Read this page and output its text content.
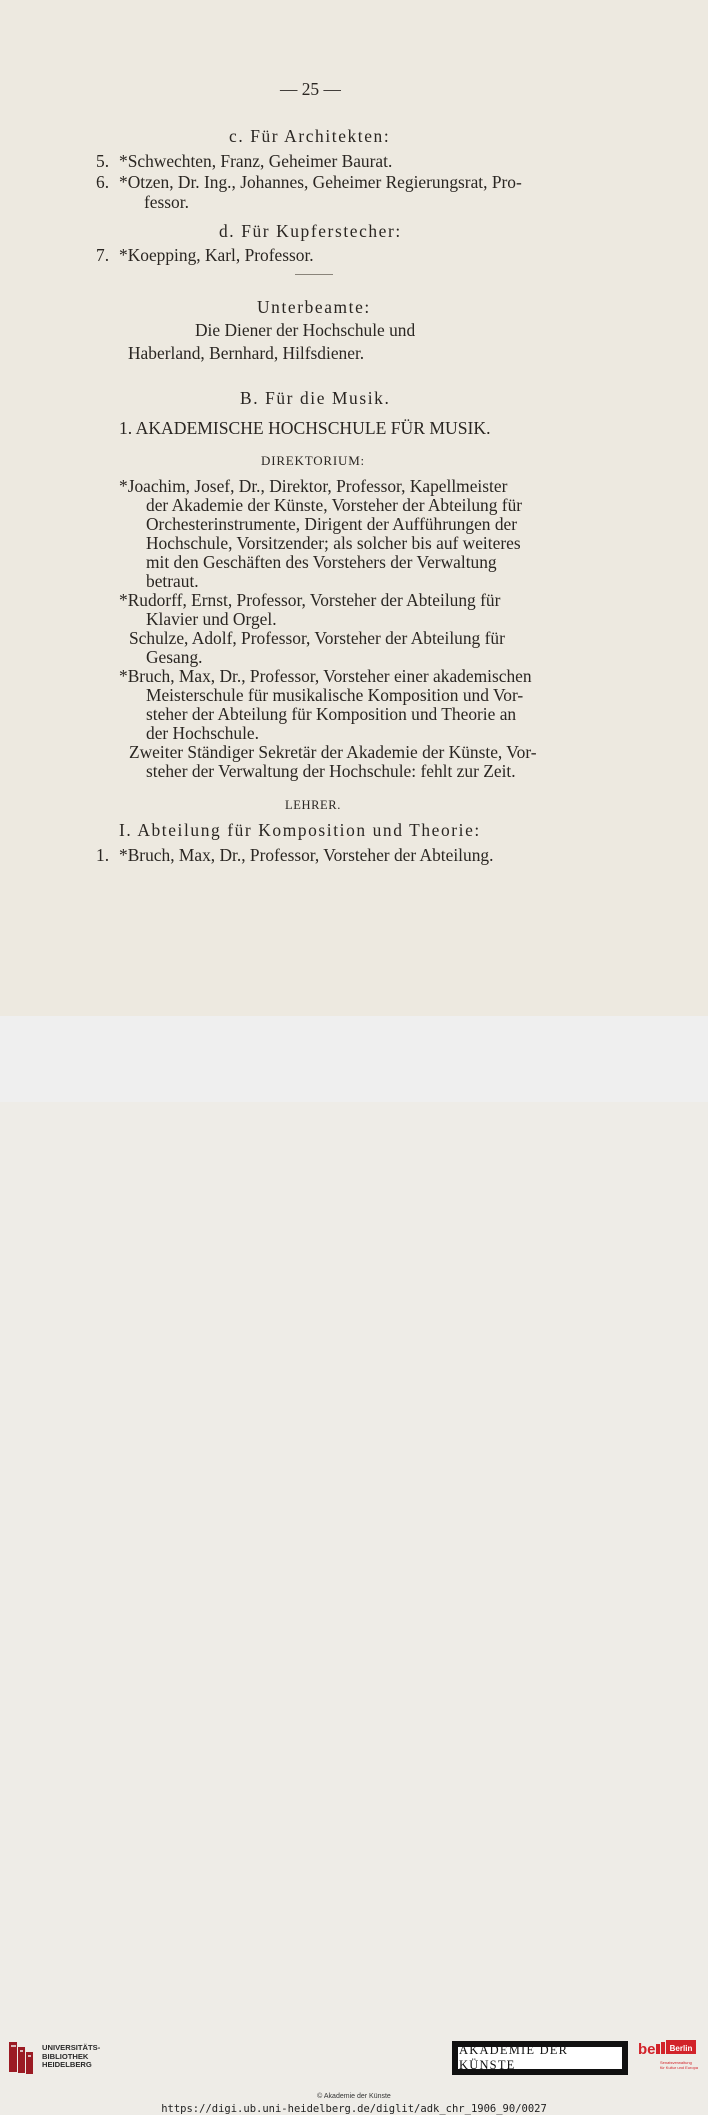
— 25 —
c. Für Architekten:
5. *Schwechten, Franz, Geheimer Baurat.
6. *Otzen, Dr. Ing., Johannes, Geheimer Regierungsrat, Pro-
fessor.
d. Für Kupferstecher:
7. *Koepping, Karl, Professor.
Unterbeamte:
Die Diener der Hochschule und
Haberland, Bernhard, Hilfsdiener.
B. Für die Musik.
1. AKADEMISCHE HOCHSCHULE FÜR MUSIK.
DIREKTORIUM:
*Joachim, Josef, Dr., Direktor, Professor, Kapellmeister
der Akademie der Künste, Vorsteher der Abteilung für
Orchesterinstrumente, Dirigent der Aufführungen der
Hochschule, Vorsitzender; als solcher bis auf weiteres
mit den Geschäften des Vorstehers der Verwaltung
betraut.
*Rudorff, Ernst, Professor, Vorsteher der Abteilung für
Klavier und Orgel.
Schulze, Adolf, Professor, Vorsteher der Abteilung für
Gesang.
*Bruch, Max, Dr., Professor, Vorsteher einer akademischen
Meisterschule für musikalische Komposition und Vor-
steher der Abteilung für Komposition und Theorie an
der Hochschule.
Zweiter Ständiger Sekretär der Akademie der Künste, Vor-
steher der Verwaltung der Hochschule: fehlt zur Zeit.
LEHRER.
I. Abteilung für Komposition und Theorie:
1. *Bruch, Max, Dr., Professor, Vorsteher der Abteilung.
UNIVERSITÄTS-
BIBLIOTHEK
HEIDELBERG
AKADEMIE DER KÜNSTE
be Berlin
Senatsverwaltung
für Kultur und Europa
© Akademie der Künste
https://digi.ub.uni-heidelberg.de/diglit/adk_chr_1906_90/0027
